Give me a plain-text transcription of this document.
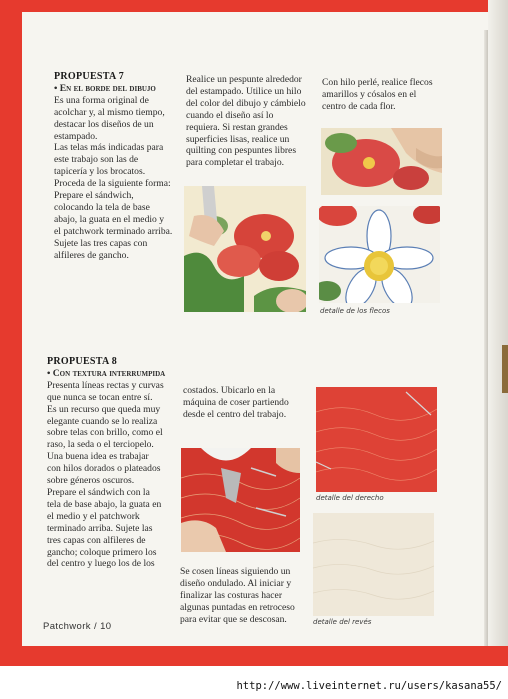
PROPUESTA 7
• En el borde del dibujo

Es una forma original de

acolchar y, al mismo tiempo,

destacar los diseños de un

estampado.

Las telas más indicadas para

este trabajo son las de

tapicería y los brocatos.

Proceda de la siguiente forma:

Prepare el sándwich,

colocando la tela de base

abajo, la guata en el medio y

el patchwork terminado arriba.

Sujete las tres capas con

alfileres de gancho.

Realice un pespunte alrededor

del estampado. Utilice un hilo

del color del dibujo y cámbielo

cuando el diseño así lo

requiera. Si restan grandes

superficies lisas, realice un

quilting con pespuntes libres

para completar el trabajo.

Con hilo perlé, realice flecos

amarillos y cósalos en el

centro de cada flor.

detalle de los flecos
PROPUESTA 8
• Con textura interrumpida

Presenta líneas rectas y curvas

que nunca se tocan entre sí.

Es un recurso que queda muy

elegante cuando se lo realiza

sobre telas con brillo, como el

raso, la seda o el terciopelo.

Una buena idea es trabajar

con hilos dorados o plateados

sobre géneros oscuros.

Prepare el sándwich con la

tela de base abajo, la guata en

el medio y el patchwork

terminado arriba. Sujete las

tres capas con alfileres de

gancho; coloque primero los

del centro y luego los de los

costados. Ubicarlo en la

máquina de coser partiendo

desde el centro del trabajo.

Se cosen líneas siguiendo un

diseño ondulado. Al iniciar y

finalizar las costuras hacer

algunas puntadas en retroceso

para evitar que se descosan.

detalle del derecho
detalle del revés
Patchwork / 10
http://www.liveinternet.ru/users/kasana55/
